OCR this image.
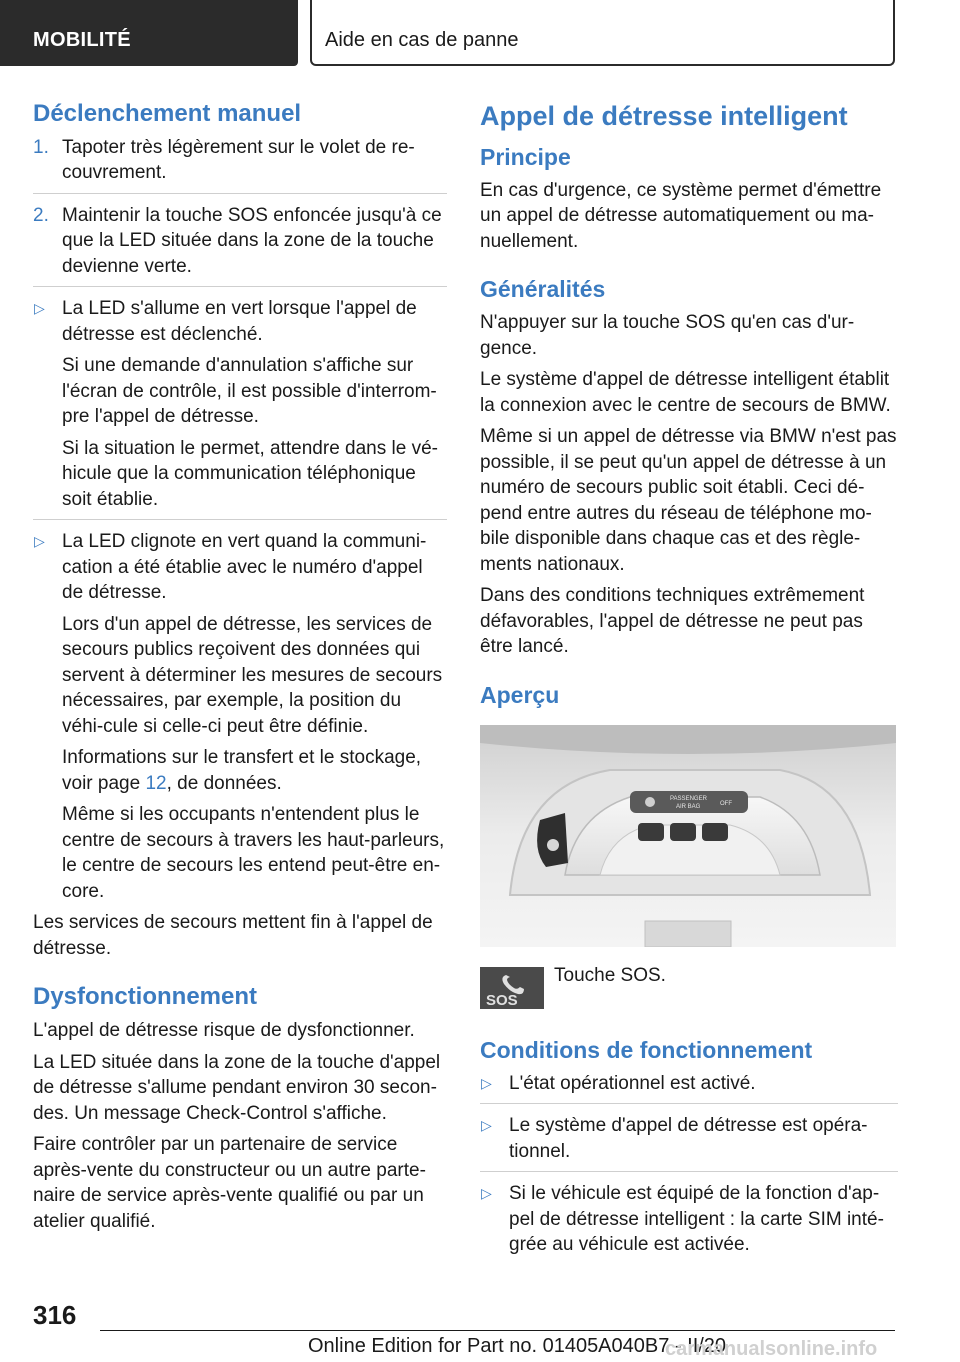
MOBILITÉ	Aide en cas de panne
Déclenchement manuel
1. Tapoter très légèrement sur le volet de re-couvrement.
2. Maintenir la touche SOS enfoncée jusqu'à ce que la LED située dans la zone de la touche devienne verte.
▷ La LED s'allume en vert lorsque l'appel de détresse est déclenché.

Si une demande d'annulation s'affiche sur l'écran de contrôle, il est possible d'interrom-pre l'appel de détresse.

Si la situation le permet, attendre dans le vé-hicule que la communication téléphonique soit établie.

▷ La LED clignote en vert quand la communi-cation a été établie avec le numéro d'appel de détresse.

Lors d'un appel de détresse, les services de secours publics reçoivent des données qui servent à déterminer les mesures de secours nécessaires, par exemple, la position du véhi-cule si celle-ci peut être définie.

Informations sur le transfert et le stockage, voir page 12, de données.

Même si les occupants n'entendent plus le centre de secours à travers les haut-parleurs, le centre de secours les entend peut-être en-core.

Les services de secours mettent fin à l'appel de détresse.

Dysfonctionnement

L'appel de détresse risque de dysfonctionner.

La LED située dans la zone de la touche d'appel de détresse s'allume pendant environ 30 secon-des. Un message Check-Control s'affiche.

Faire contrôler par un partenaire de service après-vente du constructeur ou un autre parte-naire de service après-vente qualifié ou par un atelier qualifié.

Appel de détresse intelligent
Principe

En cas d'urgence, ce système permet d'émettre un appel de détresse automatiquement ou ma-nuellement.

Généralités

N'appuyer sur la touche SOS qu'en cas d'ur-gence.

Le système d'appel de détresse intelligent établit la connexion avec le centre de secours de BMW.

Même si un appel de détresse via BMW n'est pas possible, il se peut qu'un appel de détresse à un numéro de secours public soit établi. Ceci dé-pend entre autres du réseau de téléphone mo-bile disponible dans chaque cas et des règle-ments nationaux.

Dans des conditions techniques extrêmement défavorables, l'appel de détresse ne peut pas être lancé.

Aperçu
PASSENGER
AIR BAG	OFF
SOS
Touche SOS.
Conditions de fonctionnement
▷ L'état opérationnel est activé.
▷ Le système d'appel de détresse est opéra-tionnel.
▷ Si le véhicule est équipé de la fonction d'ap-pel de détresse intelligent : la carte SIM inté-grée au véhicule est activée.
316
Online Edition for Part no. 01405A040B7 - II/20
carmanualsonline.info
